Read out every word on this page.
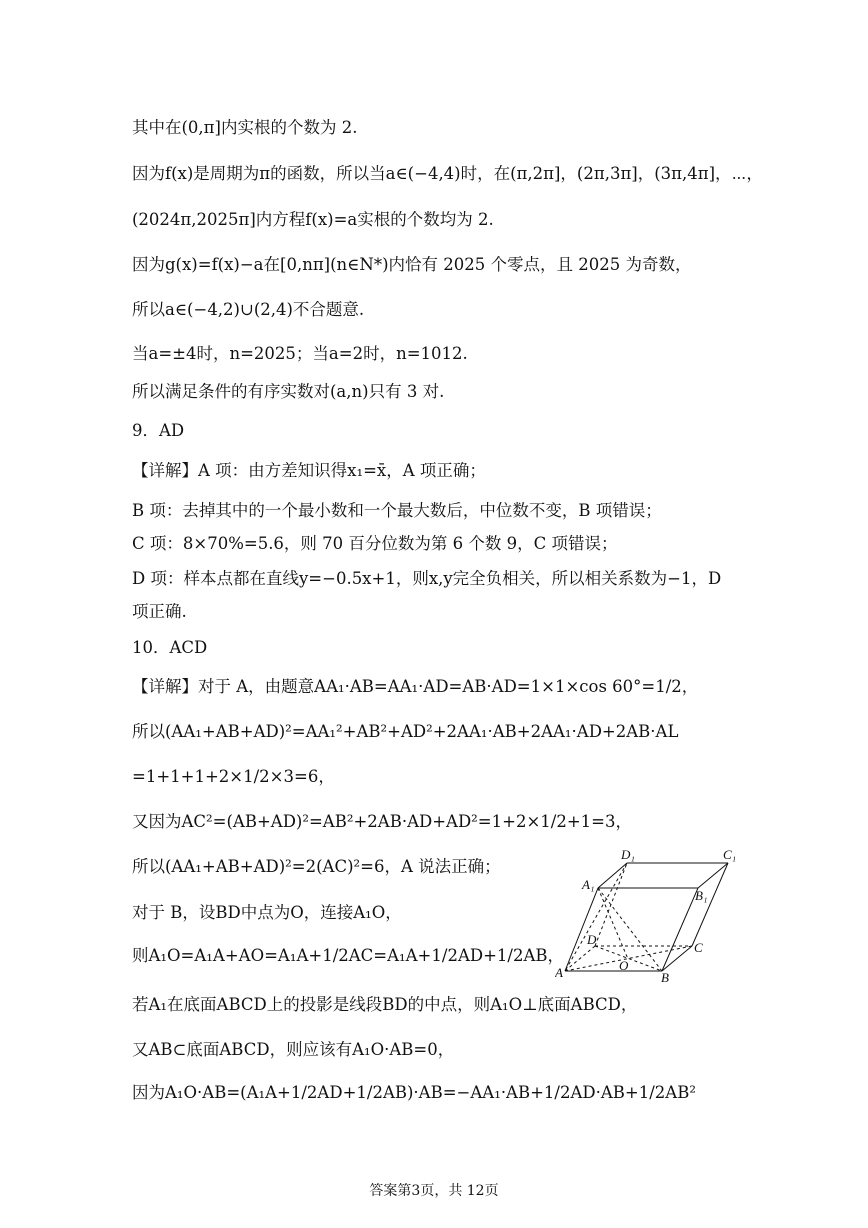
其中在(0,π]内实根的个数为 2.
因为f(x)是周期为π的函数，所以当a∈(−4,4)时，在(π,2π]，(2π,3π]，(3π,4π]，⋯，
(2024π,2025π]内方程f(x)=a实根的个数均为 2.
因为g(x)=f(x)−a在[0,nπ](n∈N*)内恰有 2025 个零点，且 2025 为奇数，
所以a∈(−4,2)∪(2,4)不合题意.
当a=±4时，n=2025；当a=2时，n=1012.
所以满足条件的有序实数对(a,n)只有 3 对.
9．AD
【详解】A 项：由方差知识得x₁=x̄，A 项正确；
B 项：去掉其中的一个最小数和一个最大数后，中位数不变，B 项错误；
C 项：8×70%=5.6，则 70 百分位数为第 6 个数 9，C 项错误；
D 项：样本点都在直线y=−0.5x+1，则x,y完全负相关，所以相关系数为−1，D
项正确.
10．ACD
【详解】对于 A，由题意AA₁·AB=AA₁·AD=AB·AD=1×1×cos 60°=1/2，
所以(AA₁+AB+AD)²=AA₁²+AB²+AD²+2AA₁·AB+2AA₁·AD+2AB·AL
=1+1+1+2×1/2×3=6，
又因为AC²=(AB+AD)²=AB²+2AB·AD+AD²=1+2×1/2+1=3，
所以(AA₁+AB+AD)²=2(AC)²=6，A 说法正确；
对于 B，设BD中点为O，连接A₁O，
则A₁O=A₁A+AO=A₁A+1/2AC=A₁A+1/2AD+1/2AB，
若A₁在底面ABCD上的投影是线段BD的中点，则A₁O⊥底面ABCD，
又AB⊂底面ABCD，则应该有A₁O·AB=0，
因为A₁O·AB=(A₁A+1/2AD+1/2AB)·AB=−AA₁·AB+1/2AD·AB+1/2AB²
D₁	C₁
A₁
B₁
D
C
O
A	B
答案第3页，共 12页
